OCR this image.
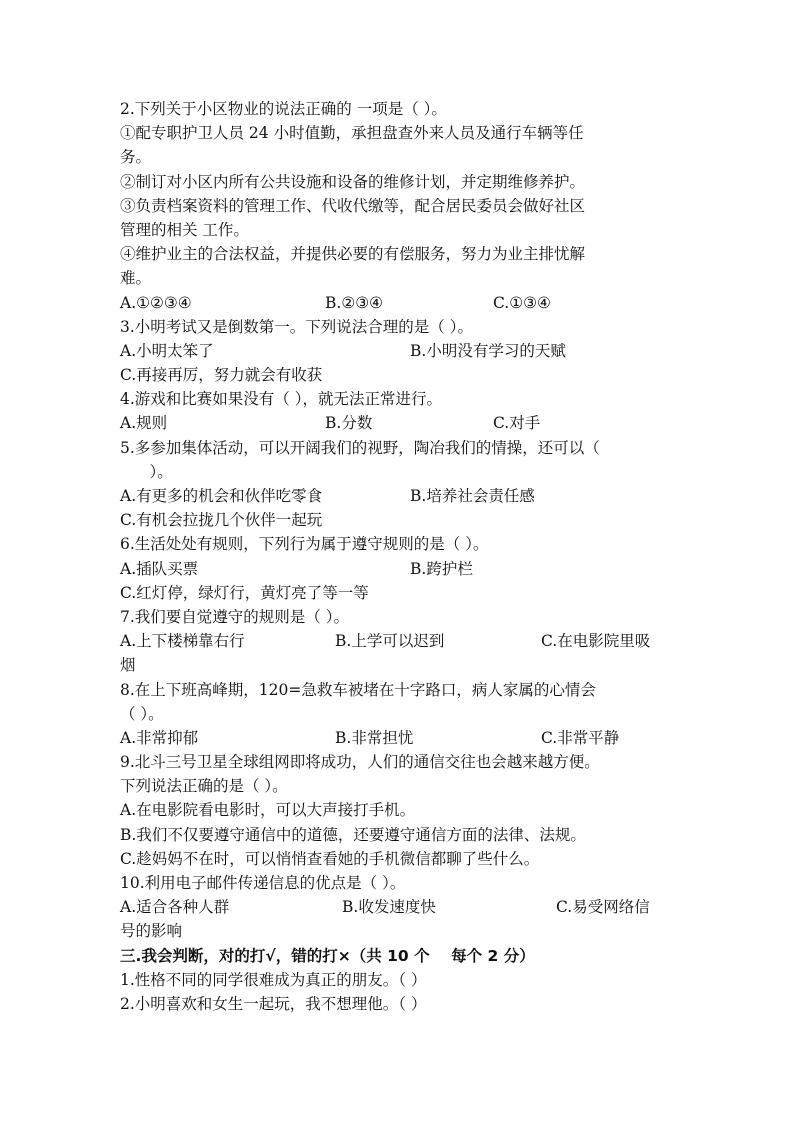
2.下列关于小区物业的说法正确的 一项是（ ）。
①配专职护卫人员 24 小时值勤，承担盘查外来人员及通行车辆等任
务。
②制订对小区内所有公共设施和设备的维修计划，并定期维修养护。
③负责档案资料的管理工作、代收代缴等，配合居民委员会做好社区
管理的相关 工作。
④维护业主的合法权益，并提供必要的有偿服务，努力为业主排忧解
难。
A.①②③④	B.②③④	C.①③④
3.小明考试又是倒数第一。下列说法合理的是（ ）。
A.小明太笨了	B.小明没有学习的天赋
C.再接再厉，努力就会有收获
4.游戏和比赛如果没有（ ），就无法正常进行。
A.规则	B.分数	C.对手
5.多参加集体活动，可以开阔我们的视野，陶冶我们的情操，还可以（
）。
A.有更多的机会和伙伴吃零食	B.培养社会责任感
C.有机会拉拢几个伙伴一起玩
6.生活处处有规则，下列行为属于遵守规则的是（ ）。
A.插队买票	B.跨护栏
C.红灯停，绿灯行，黄灯亮了等一等
7.我们要自觉遵守的规则是（ ）。
A.上下楼梯靠右行	B.上学可以迟到	C.在电影院里吸
烟
8.在上下班高峰期，120=急救车被堵在十字路口，病人家属的心情会
（ ）。
A.非常抑郁	B.非常担忧	C.非常平静
9.北斗三号卫星全球组网即将成功，人们的通信交往也会越来越方便。
下列说法正确的是（ ）。
A.在电影院看电影时，可以大声接打手机。
B.我们不仅要遵守通信中的道德，还要遵守通信方面的法律、法规。
C.趁妈妈不在时，可以悄悄查看她的手机微信都聊了些什么。
10.利用电子邮件传递信息的优点是（ ）。
A.适合各种人群	B.收发速度快	C.易受网络信
号的影响
三.我会判断，对的打√，错的打×（共 10 个    每个 2 分）
1.性格不同的同学很难成为真正的朋友。（ ）
2.小明喜欢和女生一起玩，我不想理他。（ ）
